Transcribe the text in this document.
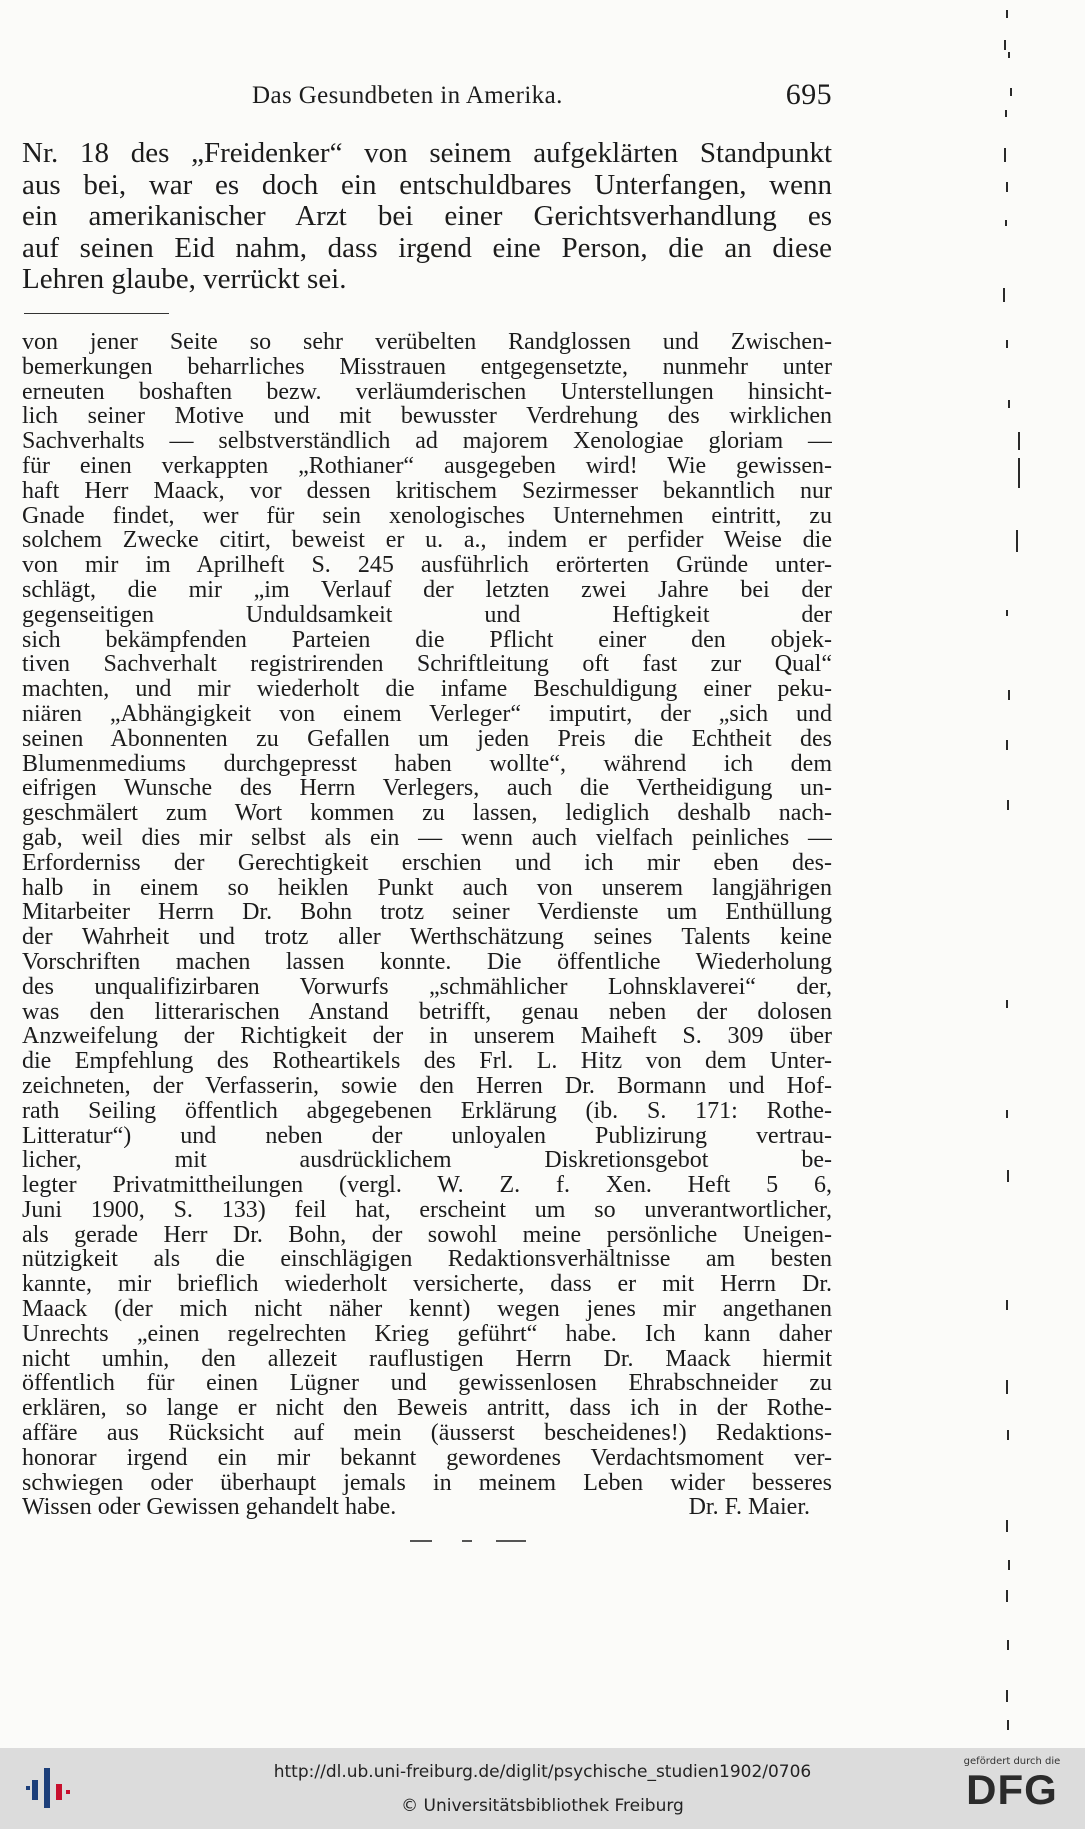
Das Gesundbeten in Amerika.	695

Nr. 18 des „Freidenker“ von seinem aufgeklärten Standpunkt
aus bei, war es doch ein entschuldbares Unterfangen, wenn
ein amerikanischer Arzt bei einer Gerichtsverhandlung es
auf seinen Eid nahm, dass irgend eine Person, die an diese
Lehren glaube, verrückt sei.

von jener Seite so sehr verübelten Randglossen und Zwischen-
bemerkungen beharrliches Misstrauen entgegensetzte, nunmehr unter
erneuten boshaften bezw. verläumderischen Unterstellungen hinsicht-
lich seiner Motive und mit bewusster Verdrehung des wirklichen
Sachverhalts — selbstverständlich ad majorem Xenologiae gloriam —
für einen verkappten „Rothianer“ ausgegeben wird! Wie gewissen-
haft Herr Maack, vor dessen kritischem Sezirmesser bekanntlich nur
Gnade findet, wer für sein xenologisches Unternehmen eintritt, zu
solchem Zwecke citirt, beweist er u. a., indem er perfider Weise die
von mir im Aprilheft S. 245 ausführlich erörterten Gründe unter-
schlägt, die mir „im Verlauf der letzten zwei Jahre bei der
gegenseitigen Unduldsamkeit und Heftigkeit der
sich bekämpfenden Parteien die Pflicht einer den objek-
tiven Sachverhalt registrirenden Schriftleitung oft fast zur Qual“
machten, und mir wiederholt die infame Beschuldigung einer peku-
niären „Abhängigkeit von einem Verleger“ imputirt, der „sich und
seinen Abonnenten zu Gefallen um jeden Preis die Echtheit des
Blumenmediums durchgepresst haben wollte“, während ich dem
eifrigen Wunsche des Herrn Verlegers, auch die Vertheidigung un-
geschmälert zum Wort kommen zu lassen, lediglich deshalb nach-
gab, weil dies mir selbst als ein — wenn auch vielfach peinliches —
Erforderniss der Gerechtigkeit erschien und ich mir eben des-
halb in einem so heiklen Punkt auch von unserem langjährigen
Mitarbeiter Herrn Dr. Bohn trotz seiner Verdienste um Enthüllung
der Wahrheit und trotz aller Werthschätzung seines Talents keine
Vorschriften machen lassen konnte. Die öffentliche Wiederholung
des unqualifizirbaren Vorwurfs „schmählicher Lohnsklaverei“ der,
was den litterarischen Anstand betrifft, genau neben der dolosen
Anzweifelung der Richtigkeit der in unserem Maiheft S. 309 über
die Empfehlung des Rotheartikels des Frl. L. Hitz von dem Unter-
zeichneten, der Verfasserin, sowie den Herren Dr. Bormann und Hof-
rath Seiling öffentlich abgegebenen Erklärung (ib. S. 171: Rothe-
Litteratur“) und neben der unloyalen Publizirung vertrau-
licher, mit ausdrücklichem Diskretionsgebot be-
legter Privatmittheilungen (vergl. W. Z. f. Xen. Heft 5 6,
Juni 1900, S. 133) feil hat, erscheint um so unverantwortlicher,
als gerade Herr Dr. Bohn, der sowohl meine persönliche Uneigen-
nützigkeit als die einschlägigen Redaktionsverhältnisse am besten
kannte, mir brieflich wiederholt versicherte, dass er mit Herrn Dr.
Maack (der mich nicht näher kennt) wegen jenes mir angethanen
Unrechts „einen regelrechten Krieg geführt“ habe. Ich kann daher
nicht umhin, den allezeit rauflustigen Herrn Dr. Maack hiermit
öffentlich für einen Lügner und gewissenlosen Ehrabschneider zu
erklären, so lange er nicht den Beweis antritt, dass ich in der Rothe-
affäre aus Rücksicht auf mein (äusserst bescheidenes!) Redaktions-
honorar irgend ein mir bekannt gewordenes Verdachtsmoment ver-
schwiegen oder überhaupt jemals in meinem Leben wider besseres
Wissen oder Gewissen gehandelt habe.	Dr. F. Maier.
http://dl.ub.uni-freiburg.de/diglit/psychische_studien1902/0706
© Universitätsbibliothek Freiburg
gefördert durch die
DFG
